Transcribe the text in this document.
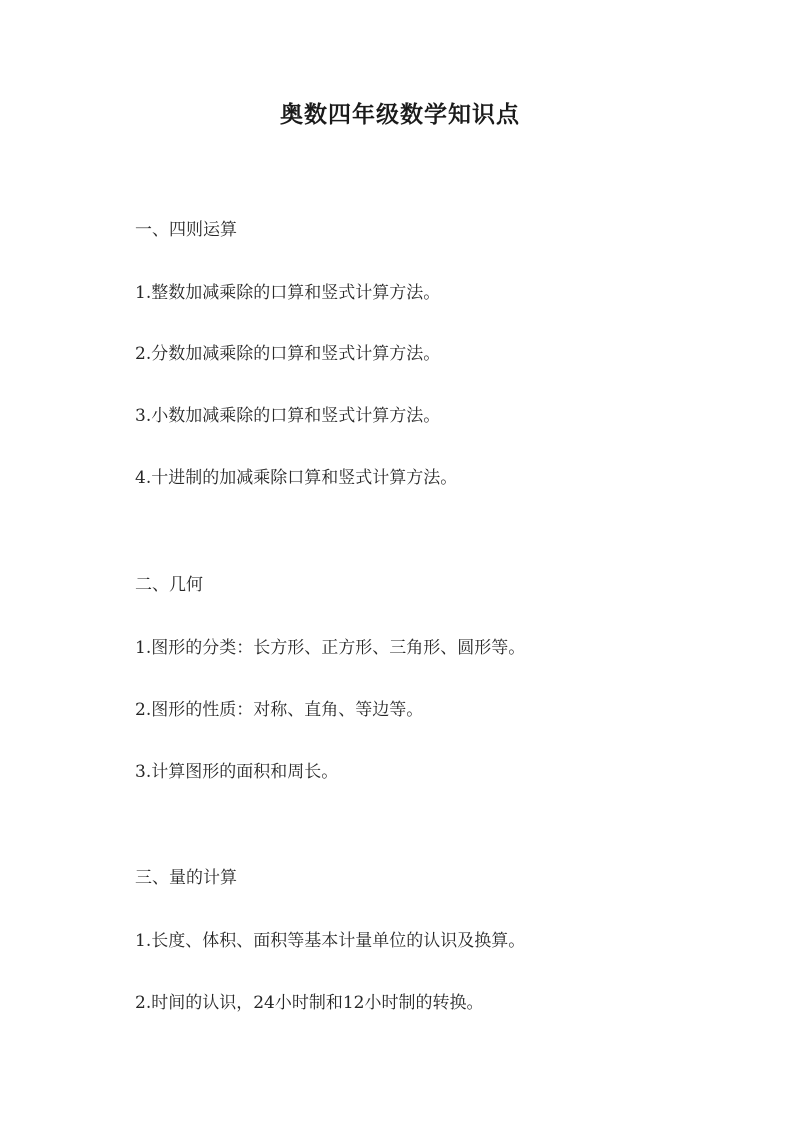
奥数四年级数学知识点
一、四则运算
1.整数加减乘除的口算和竖式计算方法。
2.分数加减乘除的口算和竖式计算方法。
3.小数加减乘除的口算和竖式计算方法。
4.十进制的加减乘除口算和竖式计算方法。
二、几何
1.图形的分类：长方形、正方形、三角形、圆形等。
2.图形的性质：对称、直角、等边等。
3.计算图形的面积和周长。
三、量的计算
1.长度、体积、面积等基本计量单位的认识及换算。
2.时间的认识，24小时制和12小时制的转换。
